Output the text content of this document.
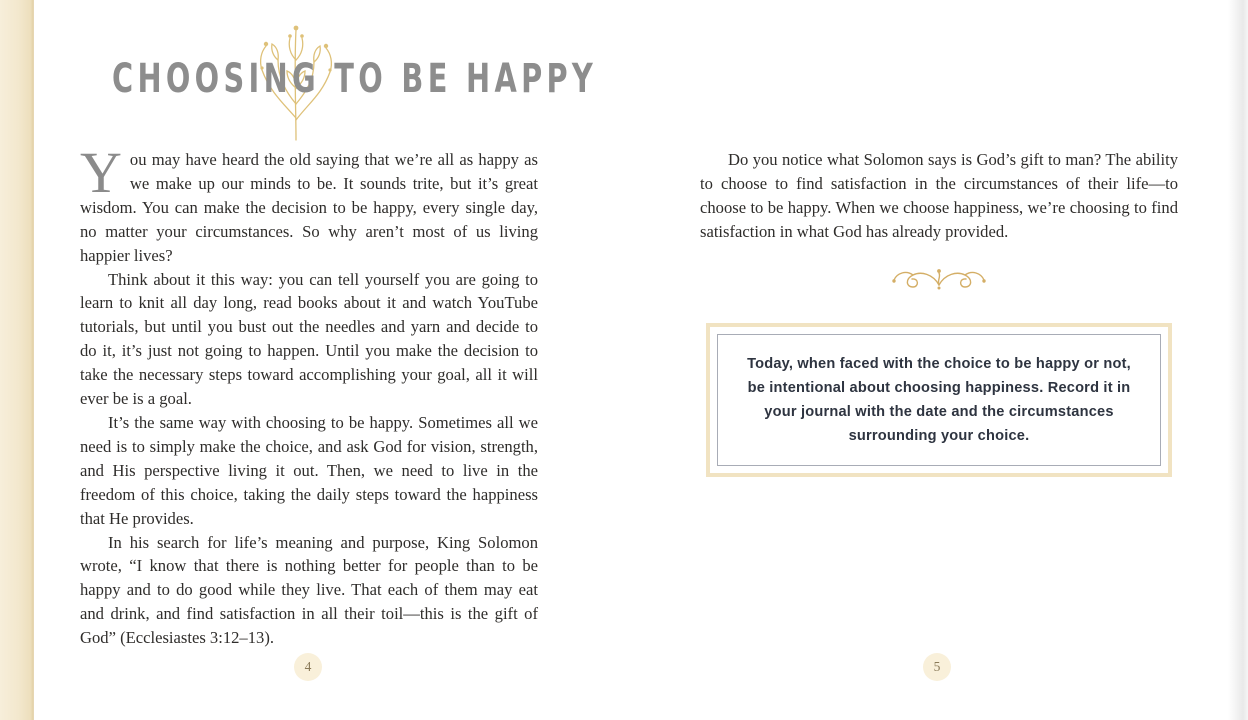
CHOOSING TO BE HAPPY

You may have heard the old saying that we’re all as happy as we make up our minds to be. It sounds trite, but it’s great wisdom. You can make the decision to be happy, every single day, no matter your circumstances. So why aren’t most of us living happier lives?

Think about it this way: you can tell yourself you are going to learn to knit all day long, read books about it and watch YouTube tutorials, but until you bust out the needles and yarn and decide to do it, it’s just not going to happen. Until you make the decision to take the necessary steps toward accomplishing your goal, all it will ever be is a goal.

It’s the same way with choosing to be happy. Sometimes all we need is to simply make the choice, and ask God for vision, strength, and His perspective living it out. Then, we need to live in the freedom of this choice, taking the daily steps toward the happiness that He provides.

In his search for life’s meaning and purpose, King Solomon wrote, “I know that there is nothing better for people than to be happy and to do good while they live. That each of them may eat and drink, and find satisfaction in all their toil—this is the gift of God” (Ecclesiastes 3:12–13).

Do you notice what Solomon says is God’s gift to man? The ability to choose to find satisfaction in the circumstances of their life—to choose to be happy. When we choose happiness, we’re choosing to find satisfaction in what God has already provided.

Today, when faced with the choice to be happy or not, be intentional about choosing happiness. Record it in your journal with the date and the circumstances surrounding your choice.
4	5
